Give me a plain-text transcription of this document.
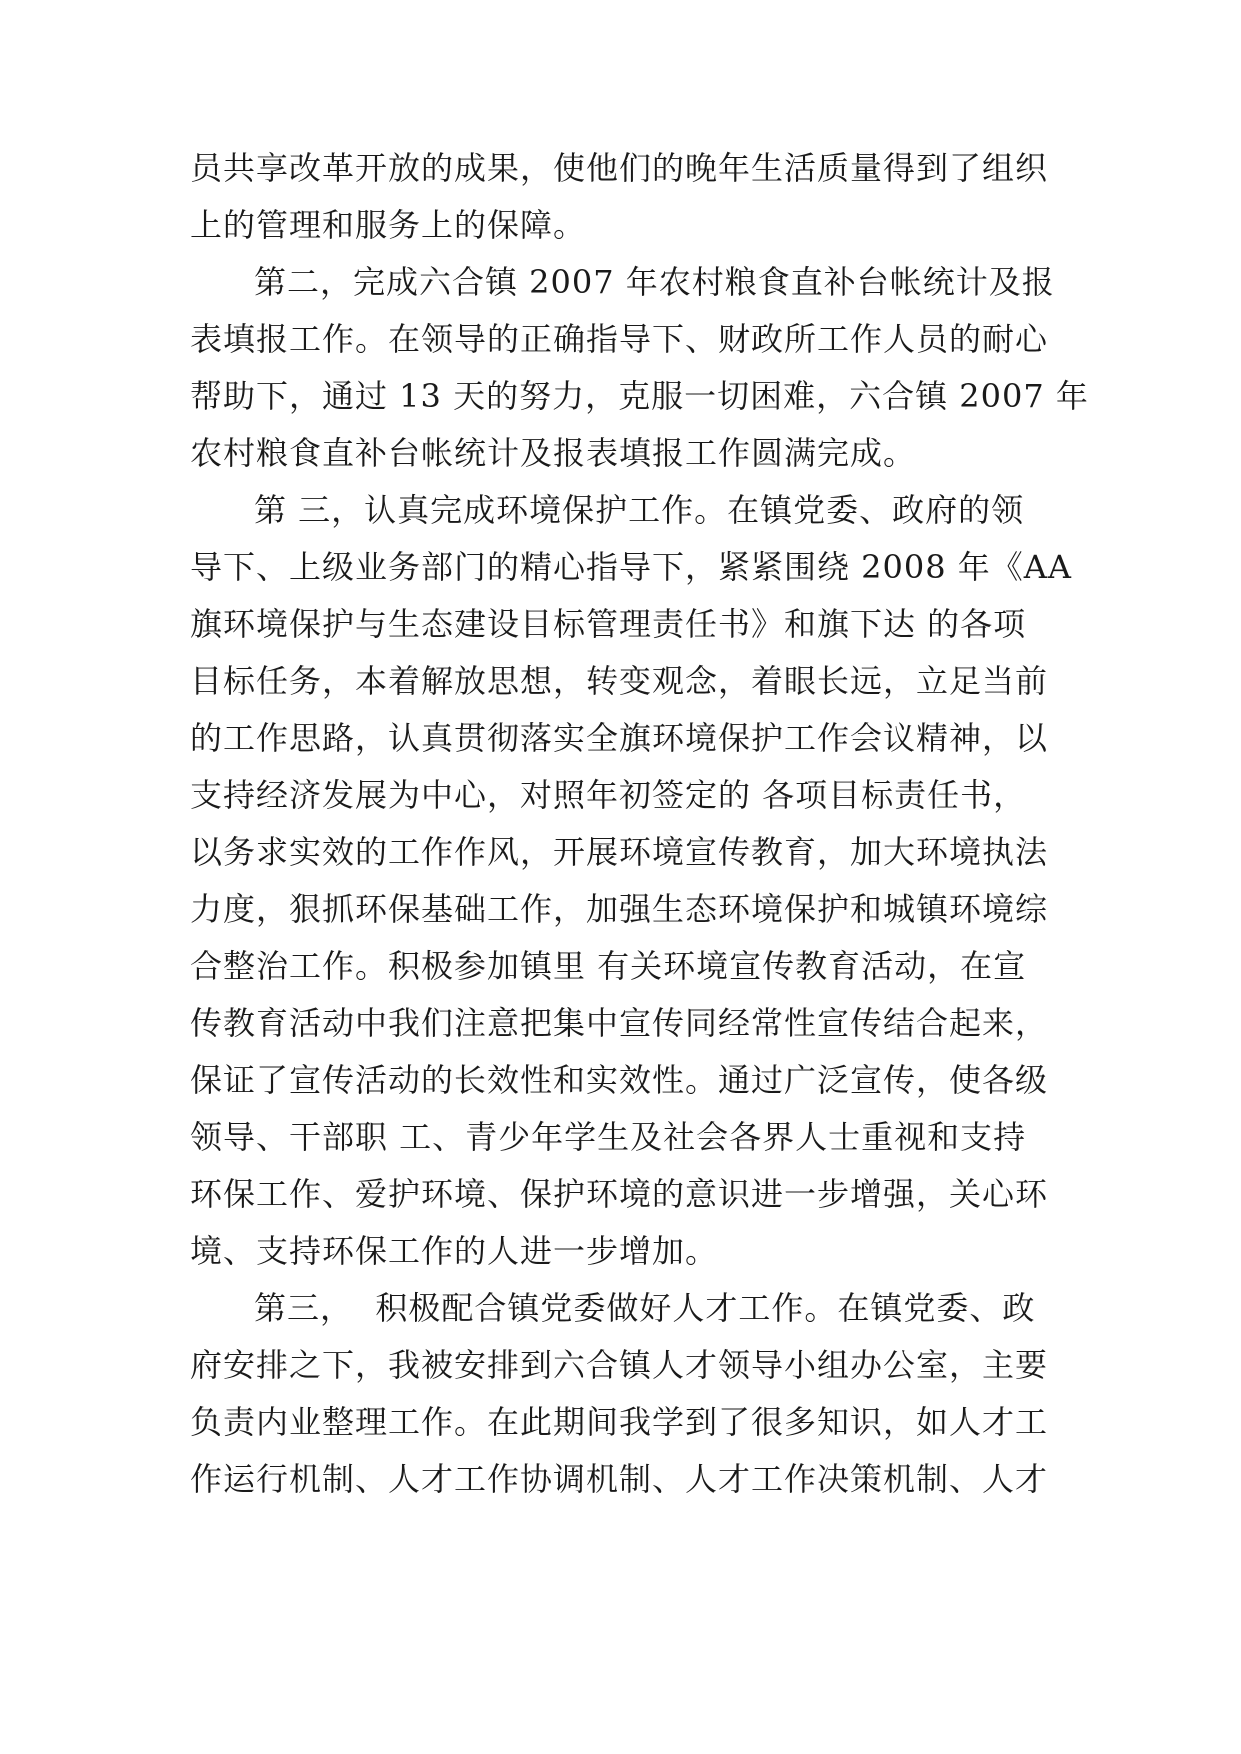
员共享改革开放的成果，使他们的晚年生活质量得到了组织
上的管理和服务上的保障。
第二，完成六合镇 2007 年农村粮食直补台帐统计及报
表填报工作。在领导的正确指导下、财政所工作人员的耐心
帮助下，通过 13 天的努力，克服一切困难，六合镇 2007 年
农村粮食直补台帐统计及报表填报工作圆满完成。
第 三，认真完成环境保护工作。在镇党委、政府的领
导下、上级业务部门的精心指导下，紧紧围绕 2008 年《AA
旗环境保护与生态建设目标管理责任书》和旗下达 的各项
目标任务，本着解放思想，转变观念，着眼长远，立足当前
的工作思路，认真贯彻落实全旗环境保护工作会议精神，以
支持经济发展为中心，对照年初签定的 各项目标责任书，
以务求实效的工作作风，开展环境宣传教育，加大环境执法
力度，狠抓环保基础工作，加强生态环境保护和城镇环境综
合整治工作。积极参加镇里 有关环境宣传教育活动，在宣
传教育活动中我们注意把集中宣传同经常性宣传结合起来，
保证了宣传活动的长效性和实效性。通过广泛宣传，使各级
领导、干部职 工、青少年学生及社会各界人士重视和支持
环保工作、爱护环境、保护环境的意识进一步增强，关心环
境、支持环保工作的人进一步增加。
第三，  积极配合镇党委做好人才工作。在镇党委、政
府安排之下，我被安排到六合镇人才领导小组办公室，主要
负责内业整理工作。在此期间我学到了很多知识，如人才工
作运行机制、人才工作协调机制、人才工作决策机制、人才
